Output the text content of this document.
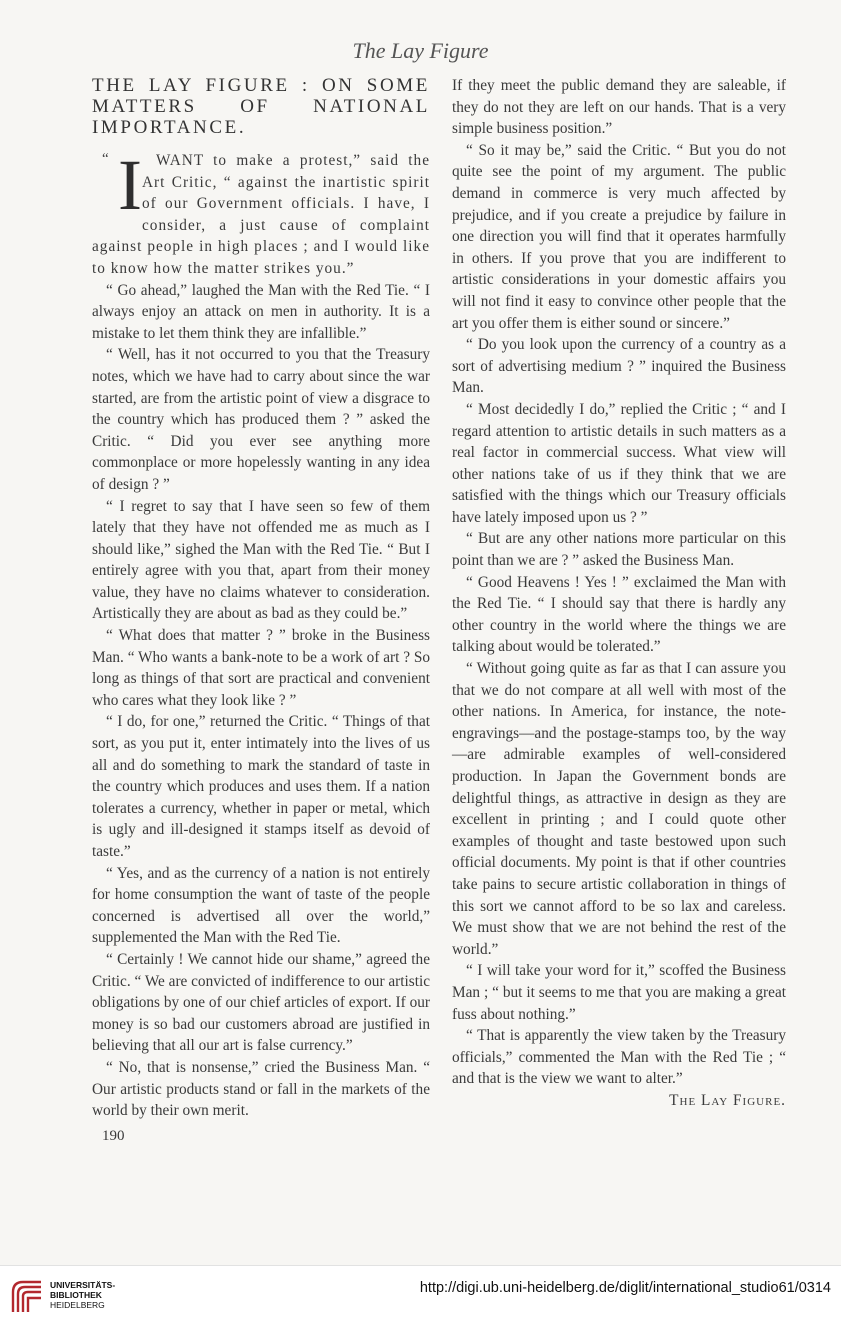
The Lay Figure
THE LAY FIGURE : ON SOME MATTERS OF NATIONAL IMPORTANCE.

“ I WANT to make a protest,” said the Art Critic, “ against the inartistic spirit of our Government officials. I have, I consider, a just cause of complaint against people in high places ; and I would like to know how the matter strikes you.”

“ Go ahead,” laughed the Man with the Red Tie. “ I always enjoy an attack on men in authority. It is a mistake to let them think they are infallible.”

“ Well, has it not occurred to you that the Treasury notes, which we have had to carry about since the war started, are from the artistic point of view a disgrace to the country which has produced them ? ” asked the Critic. “ Did you ever see anything more commonplace or more hopelessly wanting in any idea of design ? ”

“ I regret to say that I have seen so few of them lately that they have not offended me as much as I should like,” sighed the Man with the Red Tie. “ But I entirely agree with you that, apart from their money value, they have no claims whatever to consideration. Artistically they are about as bad as they could be.”

“ What does that matter ? ” broke in the Business Man. “ Who wants a bank-note to be a work of art ? So long as things of that sort are practical and convenient who cares what they look like ? ”

“ I do, for one,” returned the Critic. “ Things of that sort, as you put it, enter intimately into the lives of us all and do something to mark the standard of taste in the country which produces and uses them. If a nation tolerates a currency, whether in paper or metal, which is ugly and ill-designed it stamps itself as devoid of taste.”

“ Yes, and as the currency of a nation is not entirely for home consumption the want of taste of the people concerned is advertised all over the world,” supplemented the Man with the Red Tie.

“ Certainly ! We cannot hide our shame,” agreed the Critic. “ We are convicted of indifference to our artistic obligations by one of our chief articles of export. If our money is so bad our customers abroad are justified in believing that all our art is false currency.”

“ No, that is nonsense,” cried the Business Man. “ Our artistic products stand or fall in the markets of the world by their own merit.

190

If they meet the public demand they are saleable, if they do not they are left on our hands. That is a very simple business position.”

“ So it may be,” said the Critic. “ But you do not quite see the point of my argument. The public demand in commerce is very much affected by prejudice, and if you create a prejudice by failure in one direction you will find that it operates harmfully in others. If you prove that you are indifferent to artistic considerations in your domestic affairs you will not find it easy to convince other people that the art you offer them is either sound or sincere.”

“ Do you look upon the currency of a country as a sort of advertising medium ? ” inquired the Business Man.

“ Most decidedly I do,” replied the Critic ; “ and I regard attention to artistic details in such matters as a real factor in commercial success. What view will other nations take of us if they think that we are satisfied with the things which our Treasury officials have lately imposed upon us ? ”

“ But are any other nations more particular on this point than we are ? ” asked the Business Man.

“ Good Heavens ! Yes ! ” exclaimed the Man with the Red Tie. “ I should say that there is hardly any other country in the world where the things we are talking about would be tolerated.”

“ Without going quite as far as that I can assure you that we do not compare at all well with most of the other nations. In America, for instance, the note-engravings—and the postage-stamps too, by the way—are admirable examples of well-considered production. In Japan the Government bonds are delightful things, as attractive in design as they are excellent in printing ; and I could quote other examples of thought and taste bestowed upon such official documents. My point is that if other countries take pains to secure artistic collaboration in things of this sort we cannot afford to be so lax and careless. We must show that we are not behind the rest of the world.”

“ I will take your word for it,” scoffed the Business Man ; “ but it seems to me that you are making a great fuss about nothing.”

“ That is apparently the view taken by the Treasury officials,” commented the Man with the Red Tie ; “ and that is the view we want to alter.”
The Lay Figure.

UNIVERSITÄTS-
BIBLIOTHEK
HEIDELBERG
http://digi.ub.uni-heidelberg.de/diglit/international_studio61/0314
